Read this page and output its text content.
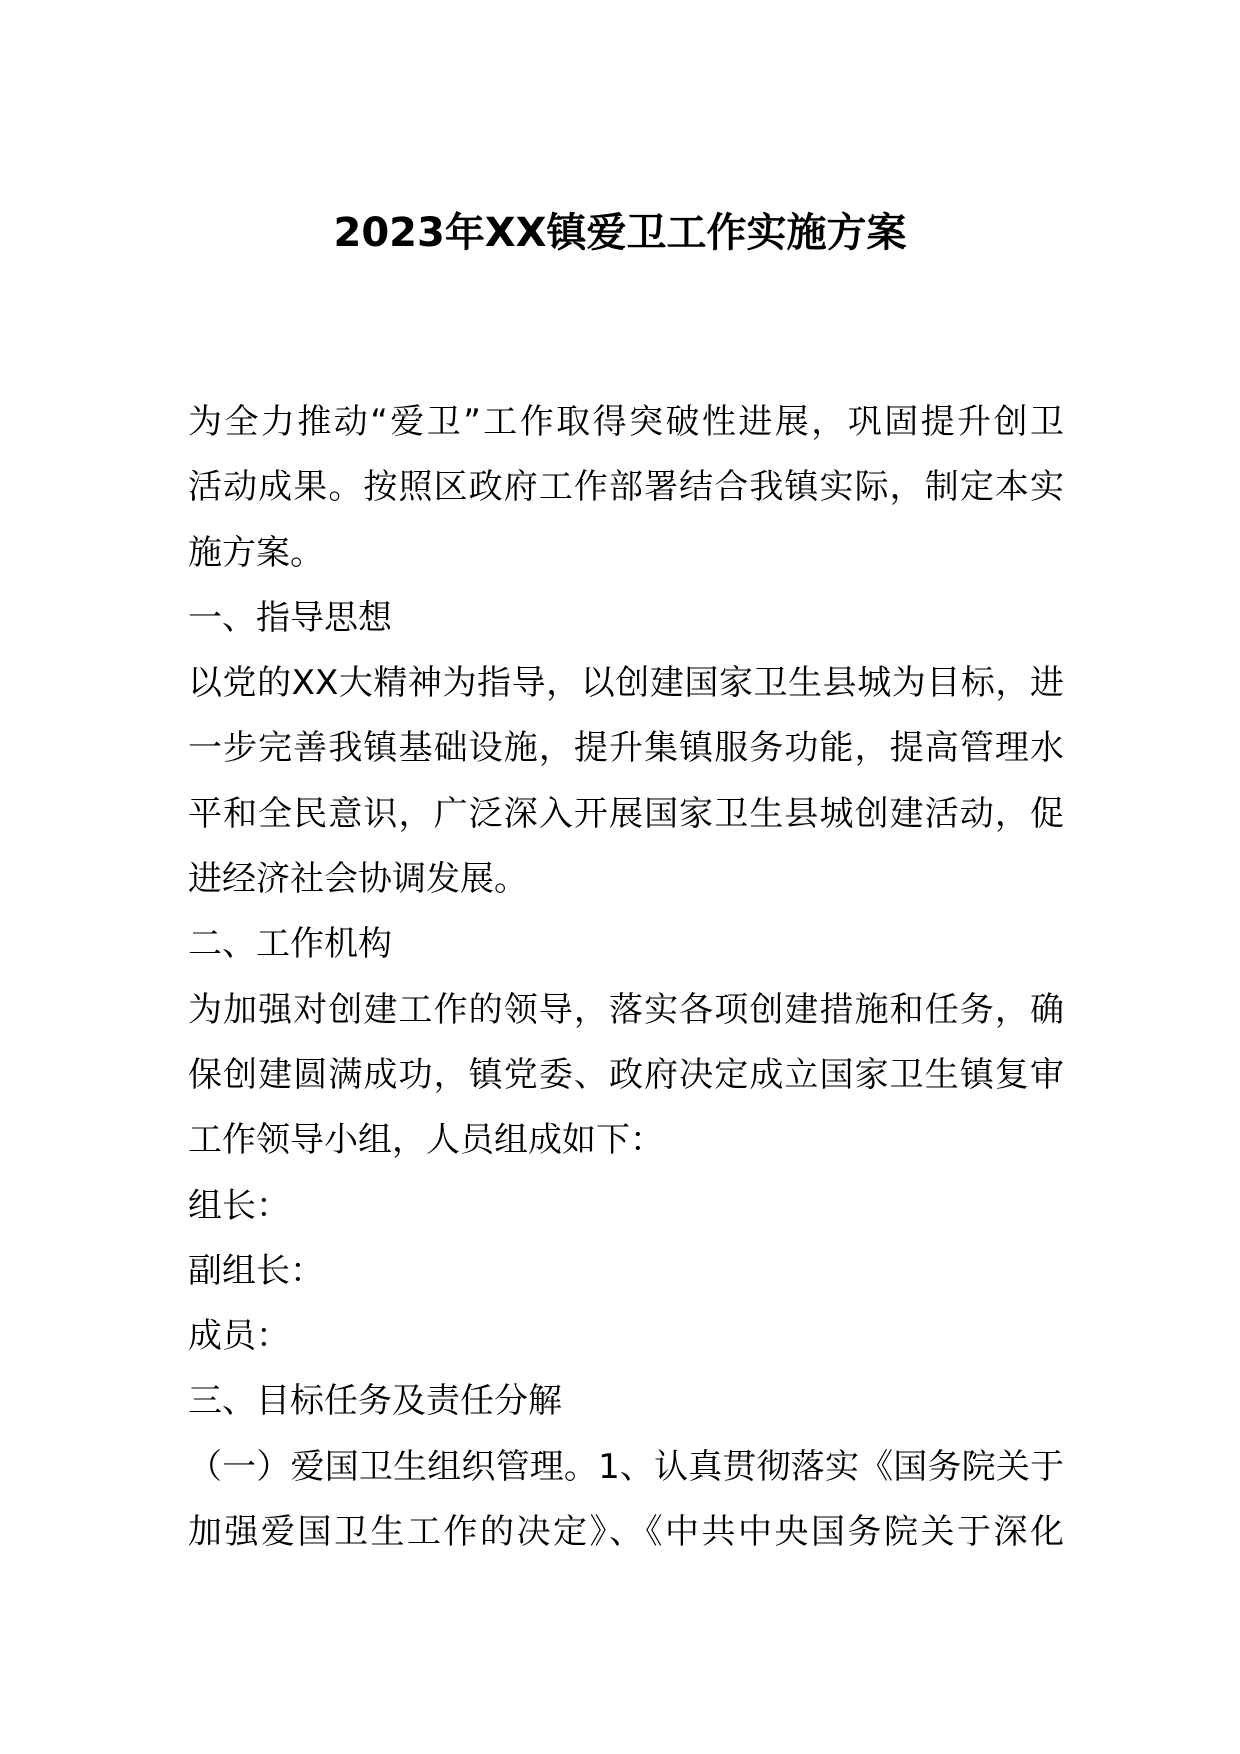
2023年XX镇爱卫工作实施方案
为全力推动“爱卫”工作取得突破性进展，巩固提升创卫
活动成果。按照区政府工作部署结合我镇实际，制定本实
施方案。
一、指导思想
以党的XX大精神为指导，以创建国家卫生县城为目标，进
一步完善我镇基础设施，提升集镇服务功能，提高管理水
平和全民意识，广泛深入开展国家卫生县城创建活动，促
进经济社会协调发展。
二、工作机构
为加强对创建工作的领导，落实各项创建措施和任务，确
保创建圆满成功，镇党委、政府决定成立国家卫生镇复审
工作领导小组，人员组成如下：
组长：
副组长：
成员：
三、目标任务及责任分解
（一）爱国卫生组织管理。1、认真贯彻落实《国务院关于
加强爱国卫生工作的决定》、《中共中央国务院关于深化
